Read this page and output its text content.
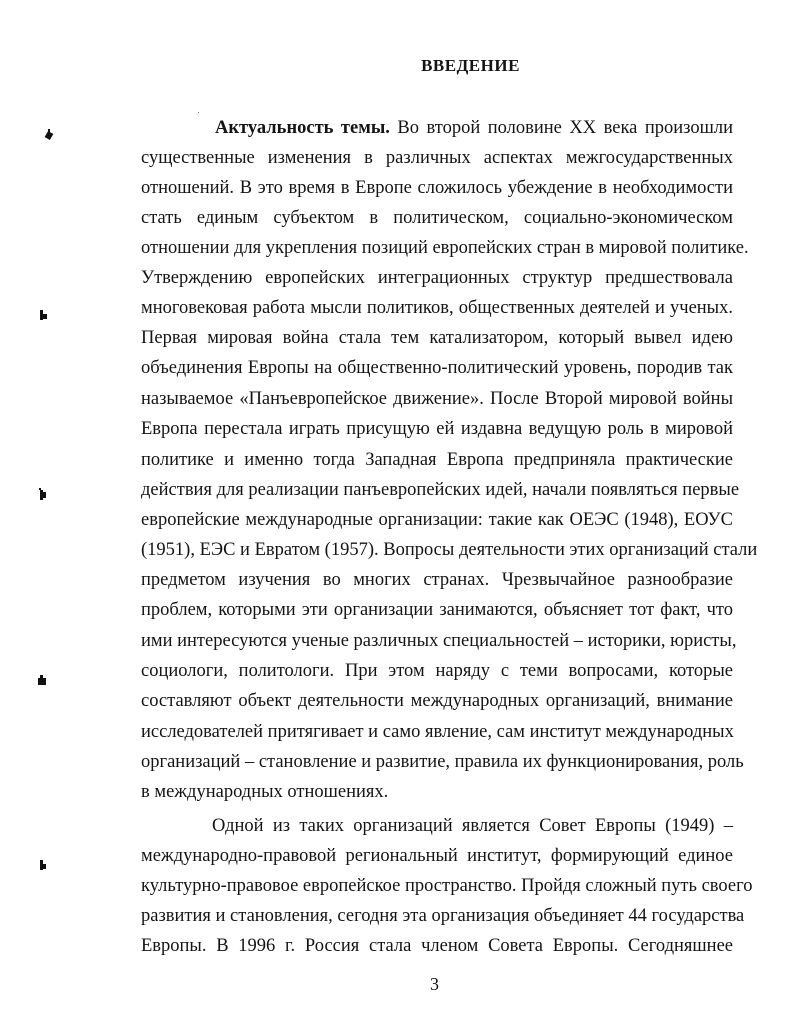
ВВЕДЕНИЕ
Актуальность темы. Во второй половине XX века произошли
существенные изменения в различных аспектах межгосударственных
отношений. В это время в Европе сложилось убеждение в необходимости
стать единым субъектом в политическом, социально-экономическом
отношении для укрепления позиций европейских стран в мировой политике.
Утверждению европейских интеграционных структур предшествовала
многовековая работа мысли политиков, общественных деятелей и ученых.
Первая мировая война стала тем катализатором, который вывел идею
объединения Европы на общественно-политический уровень, породив так
называемое «Панъевропейское движение». После Второй мировой войны
Европа перестала играть присущую ей издавна ведущую роль в мировой
политике и именно тогда Западная Европа предприняла практические
действия для реализации панъевропейских идей, начали появляться первые
европейские международные организации: такие как ОЕЭС (1948), ЕОУС
(1951), ЕЭС и Евратом (1957). Вопросы деятельности этих организаций стали
предметом изучения во многих странах. Чрезвычайное разнообразие
проблем, которыми эти организации занимаются, объясняет тот факт, что
ими интересуются ученые различных специальностей – историки, юристы,
социологи, политологи. При этом наряду с теми вопросами, которые
составляют объект деятельности международных организаций, внимание
исследователей притягивает и само явление, сам институт международных
организаций – становление и развитие, правила их функционирования, роль
в международных отношениях.
Одной из таких организаций является Совет Европы (1949) –
международно-правовой региональный институт, формирующий единое
культурно-правовое европейское пространство. Пройдя сложный путь своего
развития и становления, сегодня эта организация объединяет 44 государства
Европы. В 1996 г. Россия стала членом Совета Европы. Сегодняшнее
3
